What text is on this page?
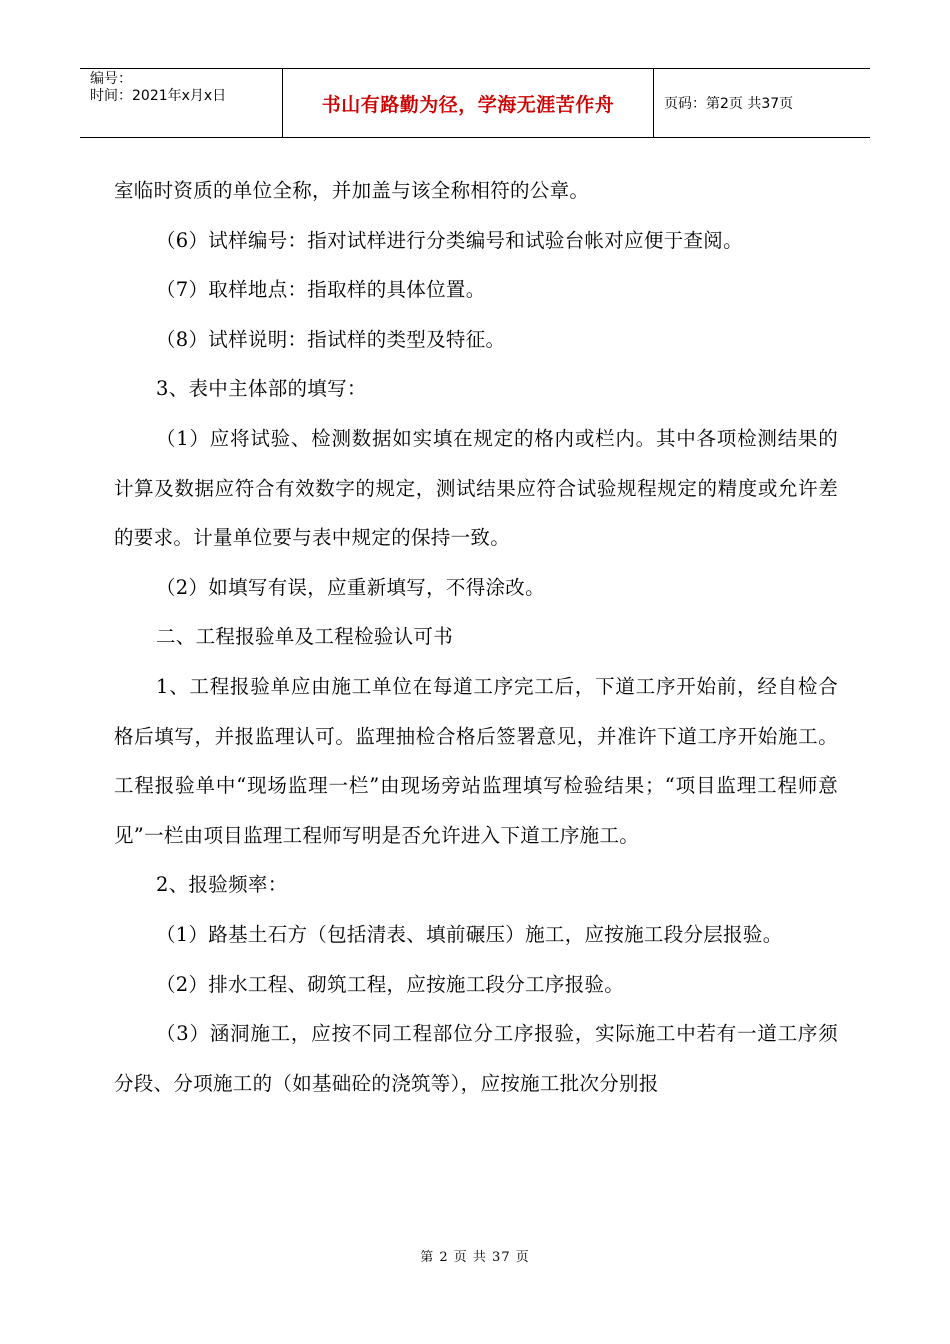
编号：
时间：2021年x月x日	书山有路勤为径，学海无涯苦作舟	页码：第2页 共37页

室临时资质的单位全称，并加盖与该全称相符的公章。

（6）试样编号：指对试样进行分类编号和试验台帐对应便于查阅。

（7）取样地点：指取样的具体位置。

（8）试样说明：指试样的类型及特征。

3、表中主体部的填写：

（1）应将试验、检测数据如实填在规定的格内或栏内。其中各项检测结果的计算及数据应符合有效数字的规定，测试结果应符合试验规程规定的精度或允许差的要求。计量单位要与表中规定的保持一致。

（2）如填写有误，应重新填写，不得涂改。

二、工程报验单及工程检验认可书

1、工程报验单应由施工单位在每道工序完工后，下道工序开始前，经自检合格后填写，并报监理认可。监理抽检合格后签署意见，并准许下道工序开始施工。工程报验单中“现场监理一栏”由现场旁站监理填写检验结果；“项目监理工程师意见”一栏由项目监理工程师写明是否允许进入下道工序施工。

2、报验频率：

（1）路基土石方（包括清表、填前碾压）施工，应按施工段分层报验。

（2）排水工程、砌筑工程，应按施工段分工序报验。

（3）涵洞施工，应按不同工程部位分工序报验，实际施工中若有一道工序须分段、分项施工的（如基础砼的浇筑等），应按施工批次分别报

第 2 页 共 37 页
